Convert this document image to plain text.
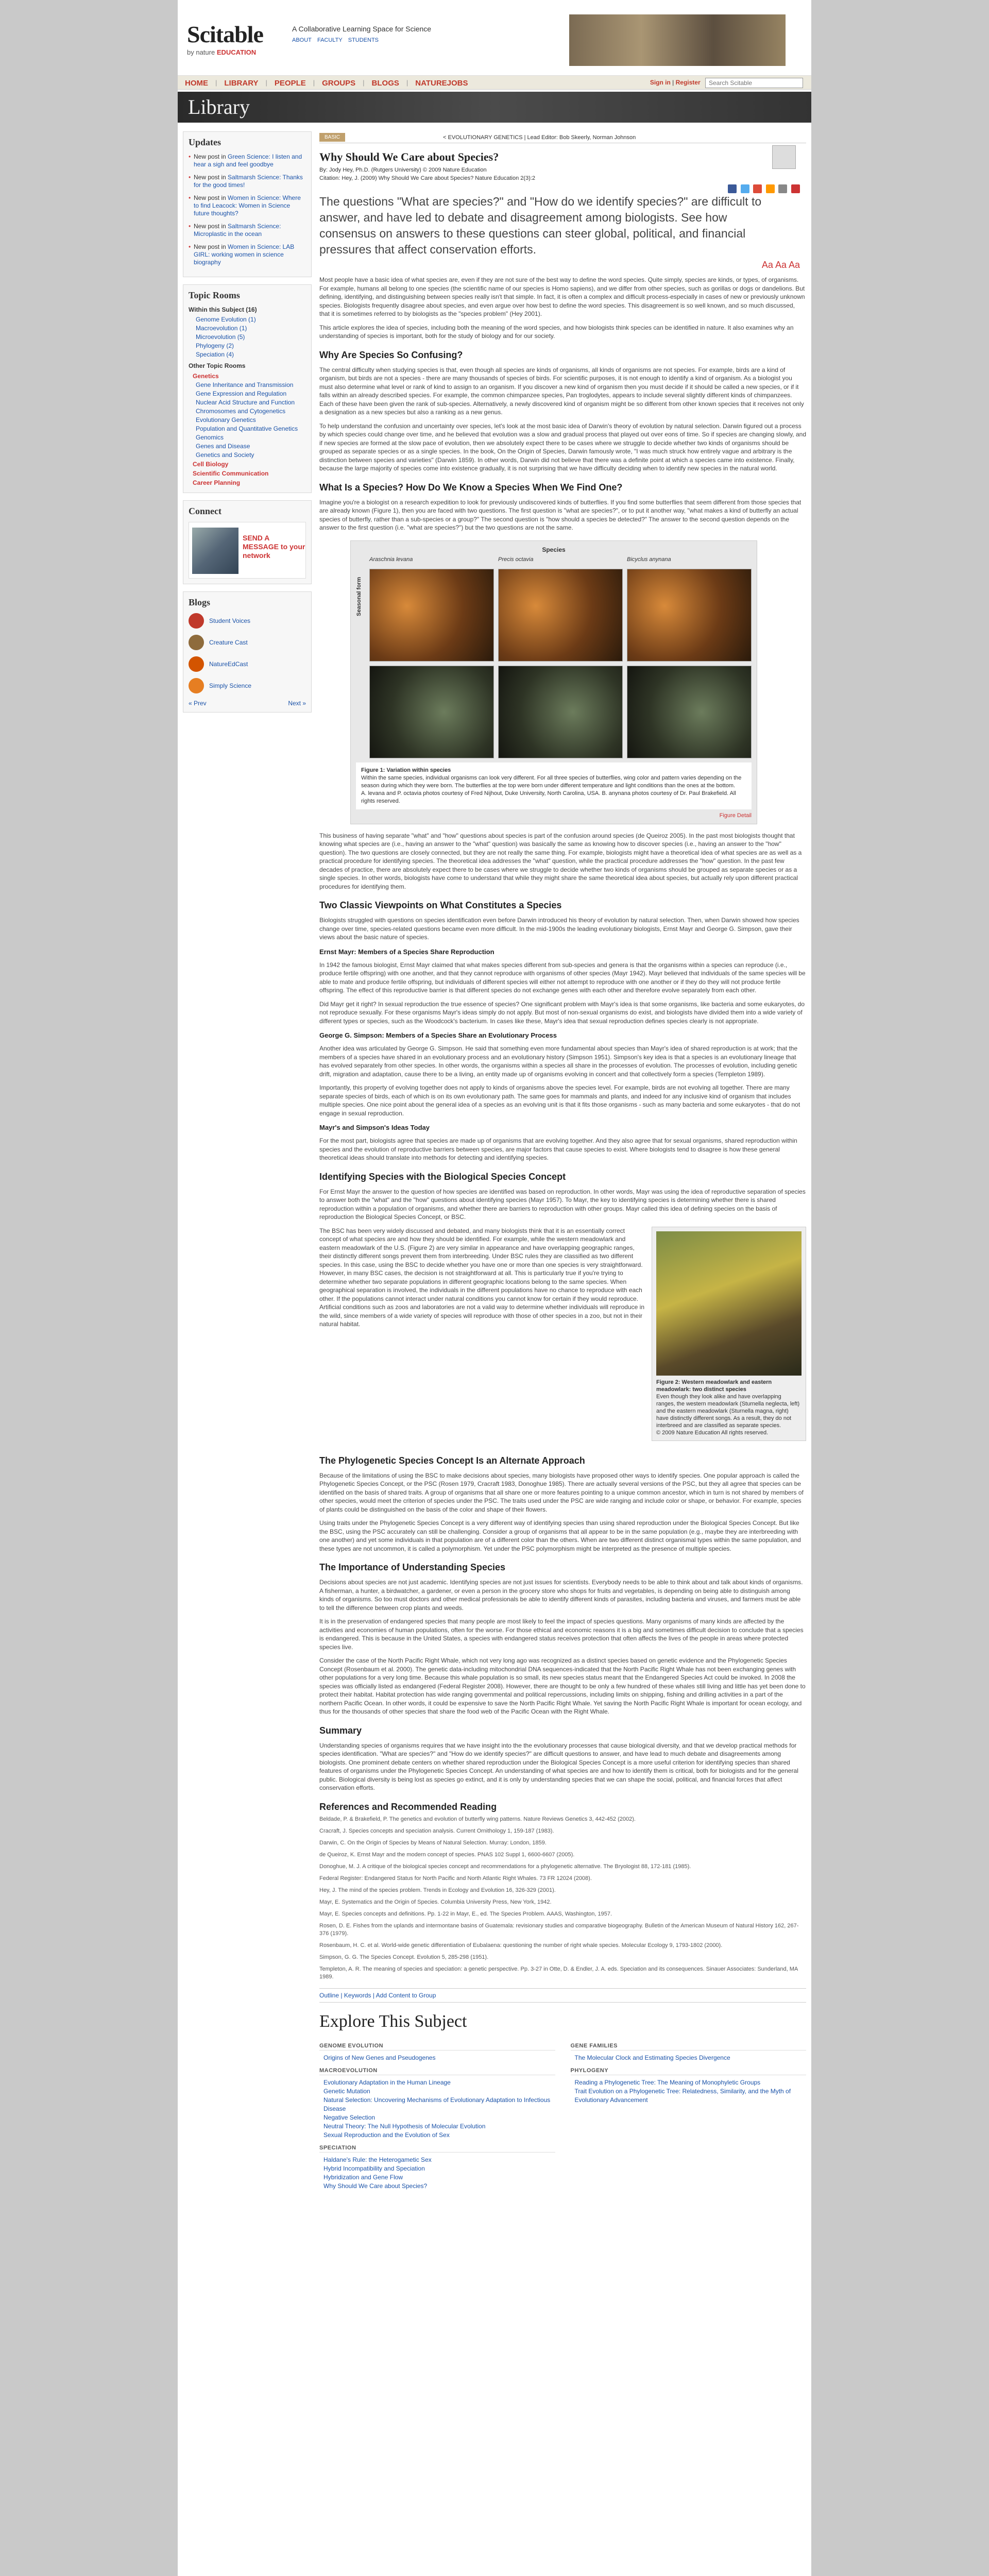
Scitable
by nature EDUCATION
A Collaborative Learning Space for Science
ABOUT FACULTY STUDENTS
HOME	| LIBRARY	| PEOPLE	| GROUPS	| BLOGS	| NATUREJOBS	Sign in | Register Search Scitable
Library
Updates
• New post in Green Science: I listen and hear a sigh and feel goodbye
• New post in Saltmarsh Science: Thanks for the good times!
• New post in Women in Science: Where to find Leacock: Women in Science future thoughts?
• New post in Saltmarsh Science: Microplastic in the ocean
• New post in Women in Science: LAB GIRL: working women in science biography
Topic Rooms
Within this Subject (16)
Genome Evolution (1)
Macroevolution (1)
Microevolution (5)
Phylogeny (2)
Speciation (4)
Other Topic Rooms
Genetics
Gene Inheritance and Transmission
Gene Expression and Regulation
Nuclear Acid Structure and Function
Chromosomes and Cytogenetics
Evolutionary Genetics
Population and Quantitative Genetics
Genomics
Genes and Disease
Genetics and Society
Cell Biology
Scientific Communication
Career Planning
Connect
SEND A MESSAGE to your network
Blogs
Student Voices
Creature Cast
NatureEdCast
Simply Science
« Prev	Next »
BASIC	< EVOLUTIONARY GENETICS | Lead Editor: Bob Skeerly, Norman Johnson
Why Should We Care about Species?
By: Jody Hey, Ph.D. (Rutgers University) © 2009 Nature Education
Citation: Hey, J. (2009) Why Should We Care about Species? Nature Education 2(3):2

The questions "What are species?" and "How do we identify species?" are difficult to answer, and have led to debate and disagreement among biologists. See how consensus on answers to these questions can steer global, political, and financial pressures that affect conservation efforts.
Aa Aa Aa
Most people have a basic idea of what species are, even if they are not sure of the best way to define the word species. Quite simply, species are kinds, or types, of organisms. For example, humans all belong to one species (the scientific name of our species is Homo sapiens), and we differ from other species, such as gorillas or dogs or dandelions. But defining, identifying, and distinguishing between species really isn't that simple. In fact, it is often a complex and difficult process-especially in cases of new or previously unknown species. Biologists frequently disagree about species, and even argue over how best to define the word species. This disagreement is so well known, and so much discussed, that it is sometimes referred to by biologists as the "species problem" (Hey 2001).
This article explores the idea of species, including both the meaning of the word species, and how biologists think species can be identified in nature. It also examines why an understanding of species is important, both for the study of biology and for our society.
Why Are Species So Confusing?
The central difficulty when studying species is that, even though all species are kinds of organisms, all kinds of organisms are not species. For example, birds are a kind of organism, but birds are not a species - there are many thousands of species of birds. For scientific purposes, it is not enough to identify a kind of organism. As a biologist you must also determine what level or rank of kind to assign to an organism. If you discover a new kind of organism then you must decide if it should be called a new species, or if it falls within an already described species. For example, the common chimpanzee species, Pan troglodytes, appears to include several slightly different kinds of chimpanzees. Each of these have been given the rank of sub-species. Alternatively, a newly discovered kind of organism might be so different from other known species that it receives not only a designation as a new species but also a ranking as a new genus.
To help understand the confusion and uncertainty over species, let's look at the most basic idea of Darwin's theory of evolution by natural selection. Darwin figured out a process by which species could change over time, and he believed that evolution was a slow and gradual process that played out over eons of time. So if species are changing slowly, and if new species are formed at the slow pace of evolution, then we absolutely expect there to be cases where we struggle to decide whether two kinds of organisms should be grouped as separate species or as a single species. In the book, On the Origin of Species, Darwin famously wrote, "I was much struck how entirely vague and arbitrary is the distinction between species and varieties" (Darwin 1859). In other words, Darwin did not believe that there was a definite point at which a species came into existence. Finally, because the large majority of species come into existence gradually, it is not surprising that we have difficulty deciding when to identify new species in the natural world.
What Is a Species? How Do We Know a Species When We Find One?
Imagine you're a biologist on a research expedition to look for previously undiscovered kinds of butterflies. If you find some butterflies that seem different from those species that are already known (Figure 1), then you are faced with two questions. The first question is "what are species?", or to put it another way, "what makes a kind of butterfly an actual species of butterfly, rather than a sub-species or a group?" The second question is "how should a species be detected?" The answer to the second question depends on the answer to the first question (i.e. "what are species?") but the two questions are not the same.
Species
Seasonal form
Araschnia levana	Precis octavia	Bicyclus anynana
Figure 1: Variation within species
Within the same species, individual organisms can look very different. For all three species of butterflies, wing color and pattern varies depending on the season during which they were born. The butterflies at the top were born under different temperature and light conditions than the ones at the bottom.
A. levana and P. octavia photos courtesy of Fred Nijhout, Duke University, North Carolina, USA. B. anynana photos courtesy of Dr. Paul Brakefield. All rights reserved.
Figure Detail
This business of having separate "what" and "how" questions about species is part of the confusion around species (de Queiroz 2005). In the past most biologists thought that knowing what species are (i.e., having an answer to the "what" question) was basically the same as knowing how to discover species (i.e., having an answer to the "how" question). The two questions are closely connected, but they are not really the same thing. For example, biologists might have a theoretical idea of what species are as well as a practical procedure for identifying species. The theoretical idea addresses the "what" question, while the practical procedure addresses the "how" question. In the past few decades of practice, there are absolutely expect there to be cases where we struggle to decide whether two kinds of organisms should be grouped as separate species or as a single species. In other words, biologists have come to understand that while they might share the same theoretical idea about species, but actually rely upon different practical procedures for identifying them.
Two Classic Viewpoints on What Constitutes a Species
Biologists struggled with questions on species identification even before Darwin introduced his theory of evolution by natural selection. Then, when Darwin showed how species change over time, species-related questions became even more difficult. In the mid-1900s the leading evolutionary biologists, Ernst Mayr and George G. Simpson, gave their views about the basic nature of species.
Ernst Mayr: Members of a Species Share Reproduction
In 1942 the famous biologist, Ernst Mayr claimed that what makes species different from sub-species and genera is that the organisms within a species can reproduce (i.e., produce fertile offspring) with one another, and that they cannot reproduce with organisms of other species (Mayr 1942). Mayr believed that individuals of the same species will be able to mate and produce fertile offspring, but individuals of different species will either not attempt to reproduce with one another or if they do they will not produce fertile offspring. The effect of this reproductive barrier is that different species do not exchange genes with each other and therefore evolve separately from each other.
Did Mayr get it right? In sexual reproduction the true essence of species? One significant problem with Mayr's idea is that some organisms, like bacteria and some eukaryotes, do not reproduce sexually. For these organisms Mayr's ideas simply do not apply. But most of non-sexual organisms do exist, and biologists have divided them into a wide variety of different types or species, such as the Woodcock's bacterium. In cases like these, Mayr's idea that sexual reproduction defines species clearly is not appropriate.
George G. Simpson: Members of a Species Share an Evolutionary Process
Another idea was articulated by George G. Simpson. He said that something even more fundamental about species than Mayr's idea of shared reproduction is at work; that the members of a species have shared in an evolutionary process and an evolutionary history (Simpson 1951). Simpson's key idea is that a species is an evolutionary lineage that has evolved separately from other species. In other words, the organisms within a species all share in the processes of evolution. The processes of evolution, including genetic drift, migration and adaptation, cause there to be a living, an entity made up of organisms evolving in concert and that collectively form a species (Templeton 1989).
Importantly, this property of evolving together does not apply to kinds of organisms above the species level. For example, birds are not evolving all together. There are many separate species of birds, each of which is on its own evolutionary path. The same goes for mammals and plants, and indeed for any inclusive kind of organism that includes multiple species. One nice point about the general idea of a species as an evolving unit is that it fits those organisms - such as many bacteria and some eukaryotes - that do not engage in sexual reproduction.
Mayr's and Simpson's Ideas Today
For the most part, biologists agree that species are made up of organisms that are evolving together. And they also agree that for sexual organisms, shared reproduction within species and the evolution of reproductive barriers between species, are major factors that cause species to exist. Where biologists tend to disagree is how these general theoretical ideas should translate into methods for detecting and identifying species.
Identifying Species with the Biological Species Concept
For Ernst Mayr the answer to the question of how species are identified was based on reproduction. In other words, Mayr was using the idea of reproductive separation of species to answer both the "what" and the "how" questions about identifying species (Mayr 1957). To Mayr, the key to identifying species is determining whether there is shared reproduction within a population of organisms, and whether there are barriers to reproduction with other groups. Mayr called this idea of defining species on the basis of reproduction the Biological Species Concept, or BSC.
Figure 2: Western meadowlark and eastern meadowlark: two distinct species
Even though they look alike and have overlapping ranges, the western meadowlark (Sturnella neglecta, left) and the eastern meadowlark (Sturnella magna, right) have distinctly different songs. As a result, they do not interbreed and are classified as separate species.
© 2009 Nature Education All rights reserved.
The BSC has been very widely discussed and debated, and many biologists think that it is an essentially correct concept of what species are and how they should be identified. For example, while the western meadowlark and eastern meadowlark of the U.S. (Figure 2) are very similar in appearance and have overlapping geographic ranges, their distinctly different songs prevent them from interbreeding. Under BSC rules they are classified as two different species. In this case, using the BSC to decide whether you have one or more than one species is very straightforward. However, in many BSC cases, the decision is not straightforward at all. This is particularly true if you're trying to determine whether two separate populations in different geographic locations belong to the same species. When geographical separation is involved, the individuals in the different populations have no chance to reproduce with each other. If the populations cannot interact under natural conditions you cannot know for certain if they would reproduce. Artificial conditions such as zoos and laboratories are not a valid way to determine whether individuals will reproduce in the wild, since members of a wide variety of species will reproduce with those of other species in a zoo, but not in their natural habitat.
The Phylogenetic Species Concept Is an Alternate Approach
Because of the limitations of using the BSC to make decisions about species, many biologists have proposed other ways to identify species. One popular approach is called the Phylogenetic Species Concept, or the PSC (Rosen 1979, Cracraft 1983, Donoghue 1985). There are actually several versions of the PSC, but they all agree that species can be identified on the basis of shared traits. A group of organisms that all share one or more features pointing to a unique common ancestor, which in turn is not shared by members of other species, would meet the criterion of species under the PSC. The traits used under the PSC are wide ranging and include color or shape, or behavior. For example, species of plants could be distinguished on the basis of the color and shape of their flowers.
Using traits under the Phylogenetic Species Concept is a very different way of identifying species than using shared reproduction under the Biological Species Concept. But like the BSC, using the PSC accurately can still be challenging. Consider a group of organisms that all appear to be in the same population (e.g., maybe they are interbreeding with one another) and yet some individuals in that population are of a different color than the others. When are two different distinct organismal types within the same population, and these types are not uncommon, it is called a polymorphism. Yet under the PSC polymorphism might be interpreted as the presence of multiple species.
The Importance of Understanding Species
Decisions about species are not just academic. Identifying species are not just issues for scientists. Everybody needs to be able to think about and talk about kinds of organisms. A fisherman, a hunter, a birdwatcher, a gardener, or even a person in the grocery store who shops for fruits and vegetables, is depending on being able to distinguish among kinds of organisms. So too must doctors and other medical professionals be able to identify different kinds of parasites, including bacteria and viruses, and farmers must be able to tell the difference between crop plants and weeds.
It is in the preservation of endangered species that many people are most likely to feel the impact of species questions. Many organisms of many kinds are affected by the activities and economies of human populations, often for the worse. For those ethical and economic reasons it is a big and sometimes difficult decision to conclude that a species is endangered. This is because in the United States, a species with endangered status receives protection that often affects the lives of the people in areas where protected species live.
Consider the case of the North Pacific Right Whale, which not very long ago was recognized as a distinct species based on genetic evidence and the Phylogenetic Species Concept (Rosenbaum et al. 2000). The genetic data-including mitochondrial DNA sequences-indicated that the North Pacific Right Whale has not been exchanging genes with other populations for a very long time. Because this whale population is so small, its new species status meant that the Endangered Species Act could be invoked. In 2008 the species was officially listed as endangered (Federal Register 2008). However, there are thought to be only a few hundred of these whales still living and little has yet been done to protect their habitat. Habitat protection has wide ranging governmental and political repercussions, including limits on shipping, fishing and drilling activities in a part of the northern Pacific Ocean. In other words, it could be expensive to save the North Pacific Right Whale. Yet saving the North Pacific Right Whale is important for ocean ecology, and thus for the thousands of other species that share the food web of the Pacific Ocean with the Right Whale.
Summary
Understanding species of organisms requires that we have insight into the the evolutionary processes that cause biological diversity, and that we develop practical methods for species identification. "What are species?" and "How do we identify species?" are difficult questions to answer, and have lead to much debate and disagreements among biologists. One prominent debate centers on whether shared reproduction under the Biological Species Concept is a more useful criterion for identifying species than shared features of organisms under the Phylogenetic Species Concept. An understanding of what species are and how to identify them is critical, both for biologists and for the general public. Biological diversity is being lost as species go extinct, and it is only by understanding species that we can shape the social, political, and financial forces that affect conservation efforts.
References and Recommended Reading
Beldade, P. & Brakefield, P. The genetics and evolution of butterfly wing patterns. Nature Reviews Genetics 3, 442-452 (2002).
Cracraft, J. Species concepts and speciation analysis. Current Ornithology 1, 159-187 (1983).
Darwin, C. On the Origin of Species by Means of Natural Selection. Murray: London, 1859.
de Queiroz, K. Ernst Mayr and the modern concept of species. PNAS 102 Suppl 1, 6600-6607 (2005).
Donoghue, M. J. A critique of the biological species concept and recommendations for a phylogenetic alternative. The Bryologist 88, 172-181 (1985).
Federal Register: Endangered Status for North Pacific and North Atlantic Right Whales. 73 FR 12024 (2008).
Hey, J. The mind of the species problem. Trends in Ecology and Evolution 16, 326-329 (2001).
Mayr, E. Systematics and the Origin of Species. Columbia University Press, New York, 1942.
Mayr, E. Species concepts and definitions. Pp. 1-22 in Mayr, E., ed. The Species Problem. AAAS, Washington, 1957.
Rosen, D. E. Fishes from the uplands and intermontane basins of Guatemala: revisionary studies and comparative biogeography. Bulletin of the American Museum of Natural History 162, 267-376 (1979).
Rosenbaum, H. C. et al. World-wide genetic differentiation of Eubalaena: questioning the number of right whale species. Molecular Ecology 9, 1793-1802 (2000).
Simpson, G. G. The Species Concept. Evolution 5, 285-298 (1951).
Templeton, A. R. The meaning of species and speciation: a genetic perspective. Pp. 3-27 in Otte, D. & Endler, J. A. eds. Speciation and its consequences. Sinauer Associates: Sunderland, MA 1989.
Outline | Keywords | Add Content to Group
Explore This Subject
GENOME EVOLUTION
Origins of New Genes and Pseudogenes
MACROEVOLUTION
Evolutionary Adaptation in the Human Lineage
Genetic Mutation
Natural Selection: Uncovering Mechanisms of Evolutionary Adaptation to Infectious Disease
Negative Selection
Neutral Theory: The Null Hypothesis of Molecular Evolution
Sexual Reproduction and the Evolution of Sex
SPECIATION
Haldane's Rule: the Heterogametic Sex
Hybrid Incompatibility and Speciation
Hybridization and Gene Flow
Why Should We Care about Species?
GENE FAMILIES
The Molecular Clock and Estimating Species Divergence
PHYLOGENY
Reading a Phylogenetic Tree: The Meaning of Monophyletic Groups
Trait Evolution on a Phylogenetic Tree: Relatedness, Similarity, and the Myth of Evolutionary Advancement
